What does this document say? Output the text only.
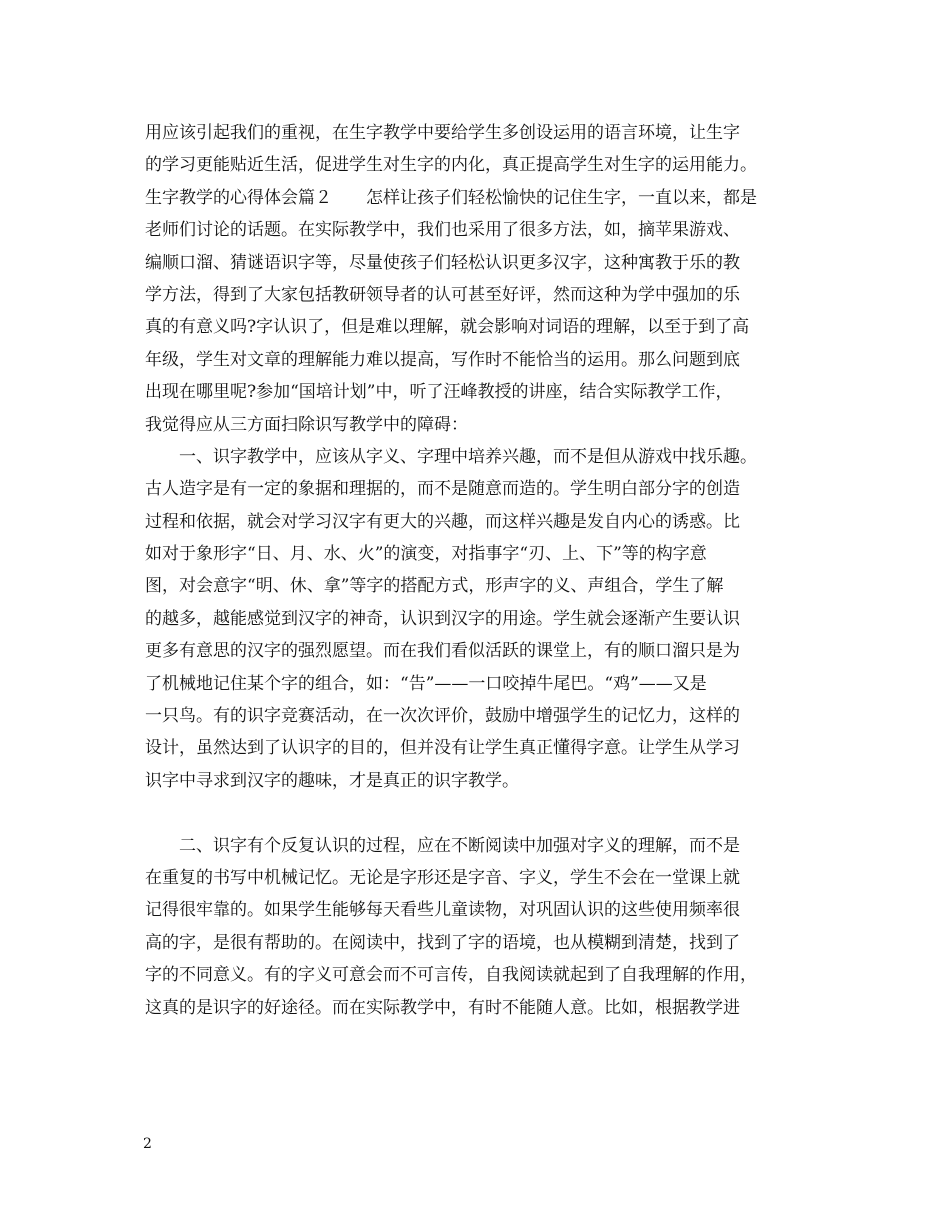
用应该引起我们的重视，在生字教学中要给学生多创设运用的语言环境，让生字

的学习更能贴近生活，促进学生对生字的内化，真正提高学生对生字的运用能力。

生字教学的心得体会篇２　　怎样让孩子们轻松愉快的记住生字，一直以来，都是

老师们讨论的话题。在实际教学中，我们也采用了很多方法，如，摘苹果游戏、

编顺口溜、猜谜语识字等，尽量使孩子们轻松认识更多汉字，这种寓教于乐的教

学方法，得到了大家包括教研领导者的认可甚至好评，然而这种为学中强加的乐

真的有意义吗?字认识了，但是难以理解，就会影响对词语的理解，以至于到了高

年级，学生对文章的理解能力难以提高，写作时不能恰当的运用。那么问题到底

出现在哪里呢?参加“国培计划”中，听了汪峰教授的讲座，结合实际教学工作，

我觉得应从三方面扫除识写教学中的障碍：

一、识字教学中，应该从字义、字理中培养兴趣，而不是但从游戏中找乐趣。

古人造字是有一定的象据和理据的，而不是随意而造的。学生明白部分字的创造

过程和依据，就会对学习汉字有更大的兴趣，而这样兴趣是发自内心的诱惑。比

如对于象形字“日、月、水、火”的演变，对指事字“刃、上、下”等的构字意

图，对会意字“明、休、拿”等字的搭配方式，形声字的义、声组合，学生了解

的越多，越能感觉到汉字的神奇，认识到汉字的用途。学生就会逐渐产生要认识

更多有意思的汉字的强烈愿望。而在我们看似活跃的课堂上，有的顺口溜只是为

了机械地记住某个字的组合，如：“告”——一口咬掉牛尾巴。“鸡”——又是

一只鸟。有的识字竞赛活动，在一次次评价，鼓励中增强学生的记忆力，这样的

设计，虽然达到了认识字的目的，但并没有让学生真正懂得字意。让学生从学习

识字中寻求到汉字的趣味，才是真正的识字教学。

二、识字有个反复认识的过程，应在不断阅读中加强对字义的理解，而不是

在重复的书写中机械记忆。无论是字形还是字音、字义，学生不会在一堂课上就

记得很牢靠的。如果学生能够每天看些儿童读物，对巩固认识的这些使用频率很

高的字，是很有帮助的。在阅读中，找到了字的语境，也从模糊到清楚，找到了

字的不同意义。有的字义可意会而不可言传，自我阅读就起到了自我理解的作用，

这真的是识字的好途径。而在实际教学中，有时不能随人意。比如，根据教学进

2
